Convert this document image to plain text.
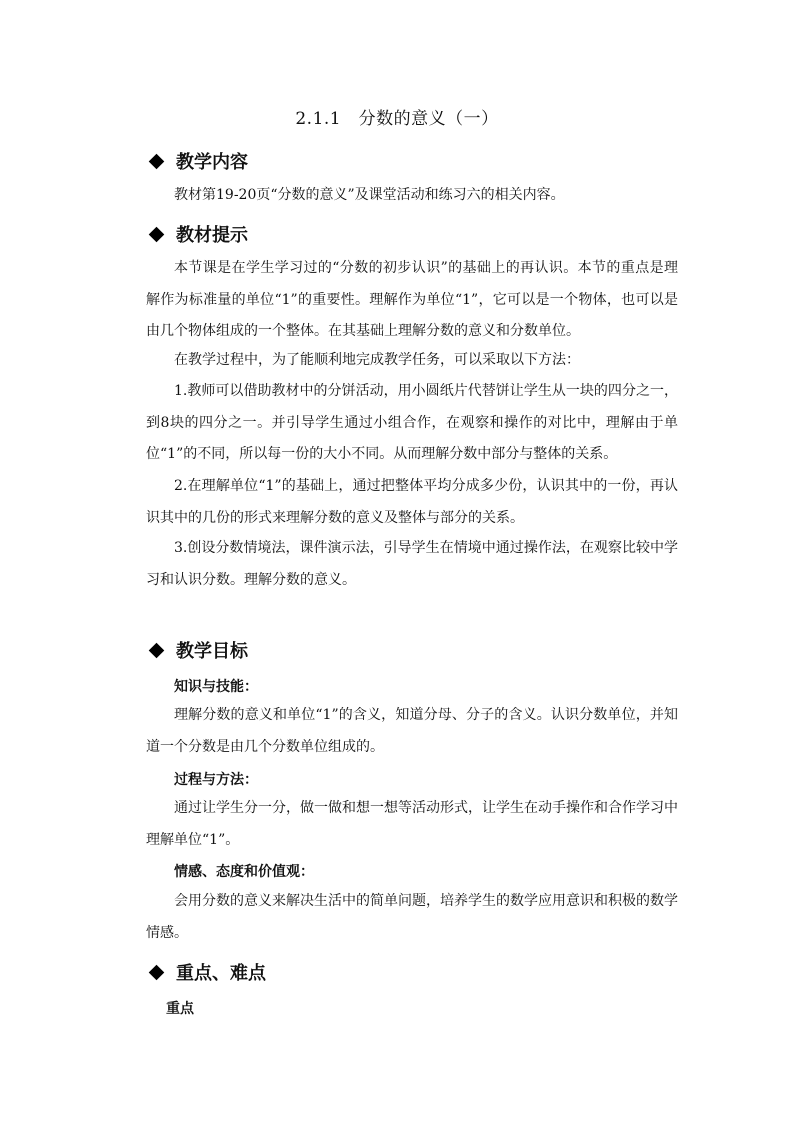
2.1.1　分数的意义（一）
教学内容
教材第19-20页“分数的意义”及课堂活动和练习六的相关内容。
教材提示
本节课是在学生学习过的“分数的初步认识”的基础上的再认识。本节的重点是理解作为标准量的单位“1”的重要性。理解作为单位“1”，它可以是一个物体，也可以是由几个物体组成的一个整体。在其基础上理解分数的意义和分数单位。
在教学过程中，为了能顺利地完成教学任务，可以采取以下方法：
1.教师可以借助教材中的分饼活动，用小圆纸片代替饼让学生从一块的四分之一，到8块的四分之一。并引导学生通过小组合作，在观察和操作的对比中，理解由于单位“1”的不同，所以每一份的大小不同。从而理解分数中部分与整体的关系。
2.在理解单位“1”的基础上，通过把整体平均分成多少份，认识其中的一份，再认识其中的几份的形式来理解分数的意义及整体与部分的关系。
3.创设分数情境法，课件演示法，引导学生在情境中通过操作法，在观察比较中学习和认识分数。理解分数的意义。
教学目标
知识与技能：
理解分数的意义和单位“1”的含义，知道分母、分子的含义。认识分数单位，并知道一个分数是由几个分数单位组成的。
过程与方法：
通过让学生分一分，做一做和想一想等活动形式，让学生在动手操作和合作学习中理解单位“1”。
情感、态度和价值观：
会用分数的意义来解决生活中的简单问题，培养学生的数学应用意识和积极的数学情感。
重点、难点
重点
